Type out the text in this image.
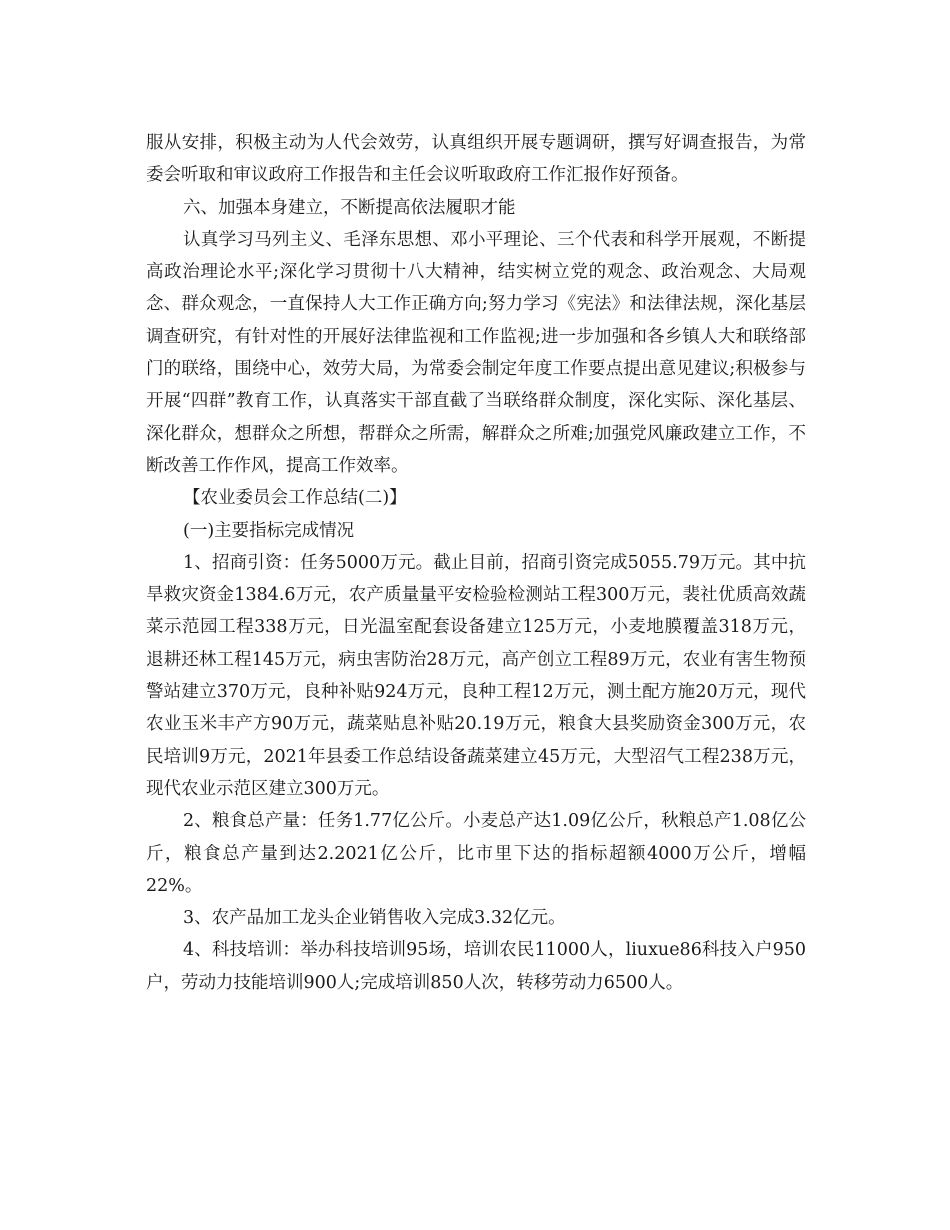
服从安排，积极主动为人代会效劳，认真组织开展专题调研，撰写好调查报告，为常委会听取和审议政府工作报告和主任会议听取政府工作汇报作好预备。

六、加强本身建立，不断提高依法履职才能

认真学习马列主义、毛泽东思想、邓小平理论、三个代表和科学开展观，不断提高政治理论水平;深化学习贯彻十八大精神，结实树立党的观念、政治观念、大局观念、群众观念，一直保持人大工作正确方向;努力学习《宪法》和法律法规，深化基层调查研究，有针对性的开展好法律监视和工作监视;进一步加强和各乡镇人大和联络部门的联络，围绕中心，效劳大局，为常委会制定年度工作要点提出意见建议;积极参与开展“四群”教育工作，认真落实干部直截了当联络群众制度，深化实际、深化基层、深化群众，想群众之所想，帮群众之所需，解群众之所难;加强党风廉政建立工作，不断改善工作作风，提高工作效率。

【农业委员会工作总结(二)】

(一)主要指标完成情况

1、招商引资：任务5000万元。截止目前，招商引资完成5055.79万元。其中抗旱救灾资金1384.6万元，农产质量量平安检验检测站工程300万元，裴社优质高效蔬菜示范园工程338万元，日光温室配套设备建立125万元，小麦地膜覆盖318万元，退耕还林工程145万元，病虫害防治28万元，高产创立工程89万元，农业有害生物预警站建立370万元，良种补贴924万元，良种工程12万元，测土配方施20万元，现代农业玉米丰产方90万元，蔬菜贴息补贴20.19万元，粮食大县奖励资金300万元，农民培训9万元，2021年县委工作总结设备蔬菜建立45万元，大型沼气工程238万元，现代农业示范区建立300万元。

2、粮食总产量：任务1.77亿公斤。小麦总产达1.09亿公斤，秋粮总产1.08亿公斤，粮食总产量到达2.2021亿公斤，比市里下达的指标超额4000万公斤，增幅22%。

3、农产品加工龙头企业销售收入完成3.32亿元。

4、科技培训：举办科技培训95场，培训农民11000人，liuxue86科技入户950户，劳动力技能培训900人;完成培训850人次，转移劳动力6500人。
